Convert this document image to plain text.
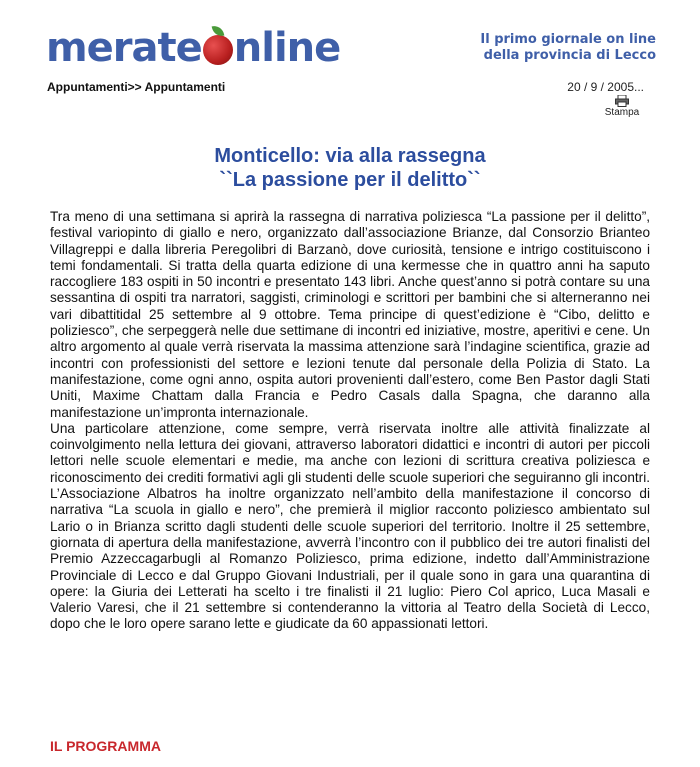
merate nline	Il primo giornale on line
della provincia di Lecco
Appuntamenti>> Appuntamenti	20 / 9 / 2005...
Stampa
Monticello: via alla rassegna
``La passione per il delitto``

Tra meno di una settimana si aprirà la rassegna di narrativa poliziesca “La passione per il delitto”, festival variopinto di giallo e nero, organizzato dall’associazione Brianze, dal Consorzio Brianteo Villagreppi e dalla libreria Peregolibri di Barzanò, dove curiosità, tensione e intrigo costituiscono i temi fondamentali. Si tratta della quarta edizione di una kermesse che in quattro anni ha saputo raccogliere 183 ospiti in 50 incontri e presentato 143 libri. Anche quest’anno si potrà contare su una sessantina di ospiti tra narratori, saggisti, criminologi e scrittori per bambini che si alterneranno nei vari dibattitidal 25 settembre al 9 ottobre. Tema principe di quest’edizione è “Cibo, delitto e poliziesco”, che serpeggerà nelle due settimane di incontri ed iniziative, mostre, aperitivi e cene. Un altro argomento al quale verrà riservata la massima attenzione sarà l’indagine scientifica, grazie ad incontri con professionisti del settore e lezioni tenute dal personale della Polizia di Stato. La manifestazione, come ogni anno, ospita autori provenienti dall’estero, come Ben Pastor dagli Stati Uniti, Maxime Chattam dalla Francia e Pedro Casals dalla Spagna, che daranno alla manifestazione un’impronta internazionale.

Una particolare attenzione, come sempre, verrà riservata inoltre alle attività finalizzate al coinvolgimento nella lettura dei giovani, attraverso laboratori didattici e incontri di autori per piccoli lettori nelle scuole elementari e medie, ma anche con lezioni di scrittura creativa poliziesca e riconoscimento dei crediti formativi agli gli studenti delle scuole superiori che seguiranno gli incontri. L’Associazione Albatros ha inoltre organizzato nell’ambito della manifestazione il concorso di narrativa “La scuola in giallo e nero”, che premierà il miglior racconto poliziesco ambientato sul Lario o in Brianza scritto dagli studenti delle scuole superiori del territorio. Inoltre il 25 settembre, giornata di apertura della manifestazione, avverrà l’incontro con il pubblico dei tre autori finalisti del Premio Azzeccagarbugli al Romanzo Poliziesco, prima edizione, indetto dall’Amministrazione Provinciale di Lecco e dal Gruppo Giovani Industriali, per il quale sono in gara una quarantina di opere: la Giuria dei Letterati ha scelto i tre finalisti il 21 luglio: Piero Col aprico, Luca Masali e Valerio Varesi, che il 21 settembre si contenderanno la vittoria al Teatro della Società di Lecco, dopo che le loro opere sarano lette e giudicate da 60 appassionati lettori.

IL PROGRAMMA
